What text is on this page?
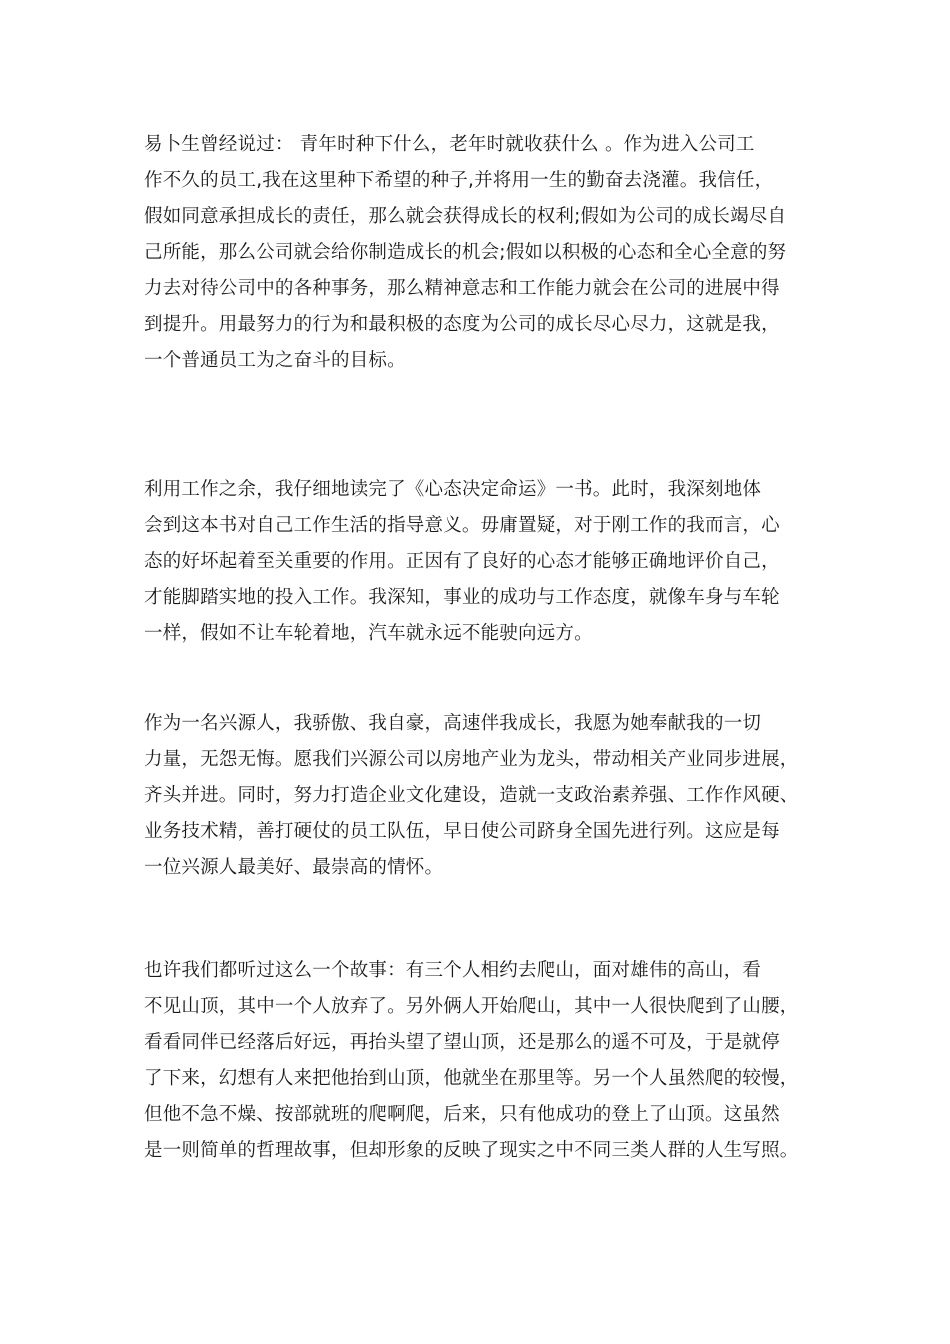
易卜生曾经说过： 青年时种下什么，老年时就收获什么 。作为进入公司工
作不久的员工,我在这里种下希望的种子,并将用一生的勤奋去浇灌。我信任，
假如同意承担成长的责任，那么就会获得成长的权利;假如为公司的成长竭尽自
己所能，那么公司就会给你制造成长的机会;假如以积极的心态和全心全意的努
力去对待公司中的各种事务，那么精神意志和工作能力就会在公司的进展中得
到提升。用最努力的行为和最积极的态度为公司的成长尽心尽力，这就是我，
一个普通员工为之奋斗的目标。
利用工作之余，我仔细地读完了《心态决定命运》一书。此时，我深刻地体
会到这本书对自己工作生活的指导意义。毋庸置疑，对于刚工作的我而言，心
态的好坏起着至关重要的作用。正因有了良好的心态才能够正确地评价自己，
才能脚踏实地的投入工作。我深知，事业的成功与工作态度，就像车身与车轮
一样，假如不让车轮着地，汽车就永远不能驶向远方。
作为一名兴源人，我骄傲、我自豪，高速伴我成长，我愿为她奉献我的一切
力量，无怨无悔。愿我们兴源公司以房地产业为龙头，带动相关产业同步进展，
齐头并进。同时，努力打造企业文化建设，造就一支政治素养强、工作作风硬、
业务技术精，善打硬仗的员工队伍，早日使公司跻身全国先进行列。这应是每
一位兴源人最美好、最崇高的情怀。
也许我们都听过这么一个故事：有三个人相约去爬山，面对雄伟的高山，看
不见山顶，其中一个人放弃了。另外俩人开始爬山，其中一人很快爬到了山腰，
看看同伴已经落后好远，再抬头望了望山顶，还是那么的遥不可及，于是就停
了下来，幻想有人来把他抬到山顶，他就坐在那里等。另一个人虽然爬的较慢，
但他不急不燥、按部就班的爬啊爬，后来，只有他成功的登上了山顶。这虽然
是一则简单的哲理故事，但却形象的反映了现实之中不同三类人群的人生写照。
